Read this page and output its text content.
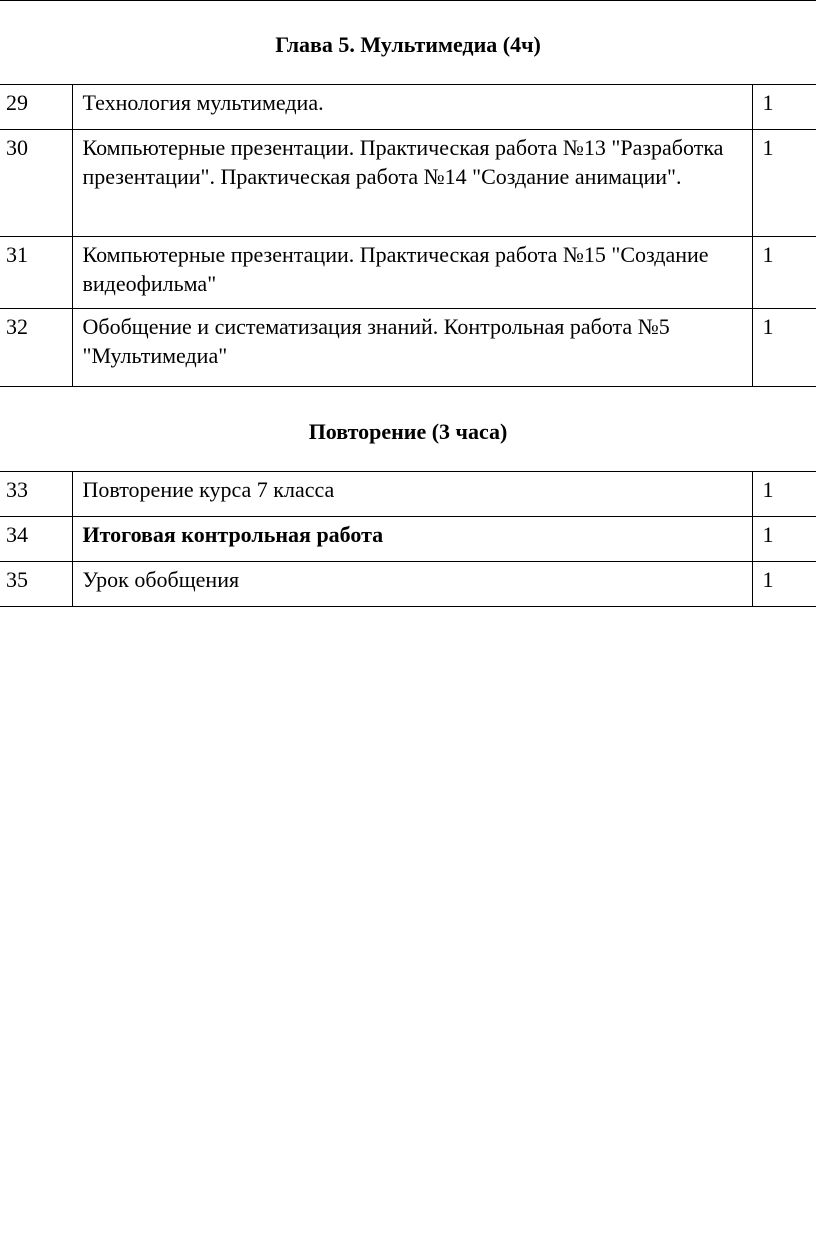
Глава 5. Мультимедиа (4ч)
29	Технология мультимедиа.	1

30	Компьютерные презентации. Практическая работа №13 "Разработка презентации". Практическая работа №14 "Создание анимации".	1

31	Компьютерные презентации. Практическая работа №15 "Создание видеофильма"	1

32	Обобщение и систематизация знаний. Контрольная работа №5 "Мультимедиа"	1
Повторение (3 часа)
33	Повторение курса 7 класса	1

34	Итоговая контрольная работа	1

35	Урок обобщения	1
